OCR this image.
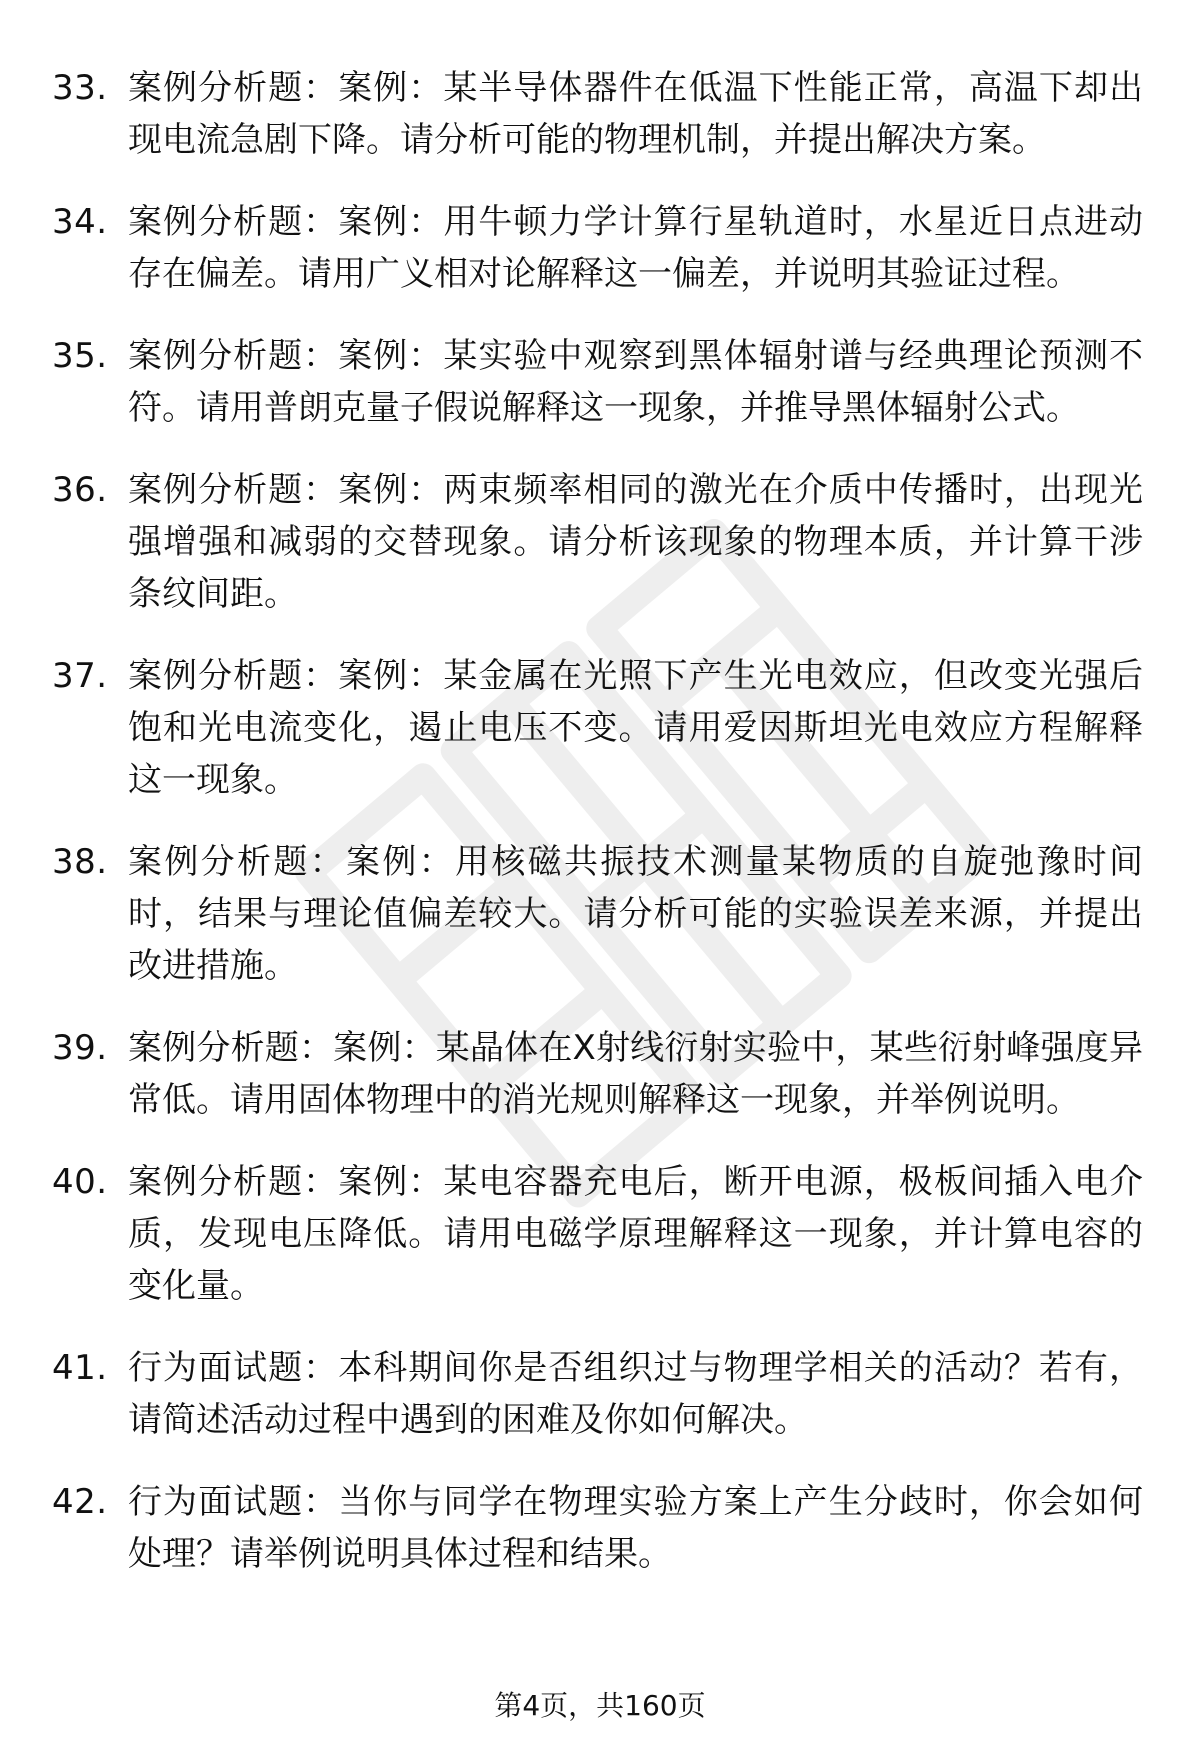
33. 案例分析题：案例：某半导体器件在低温下性能正常，高温下却出现电流急剧下降。请分析可能的物理机制，并提出解决方案。
34. 案例分析题：案例：用牛顿力学计算行星轨道时，水星近日点进动存在偏差。请用广义相对论解释这一偏差，并说明其验证过程。
35. 案例分析题：案例：某实验中观察到黑体辐射谱与经典理论预测不符。请用普朗克量子假说解释这一现象，并推导黑体辐射公式。
36. 案例分析题：案例：两束频率相同的激光在介质中传播时，出现光强增强和减弱的交替现象。请分析该现象的物理本质，并计算干涉条纹间距。
37. 案例分析题：案例：某金属在光照下产生光电效应，但改变光强后饱和光电流变化，遏止电压不变。请用爱因斯坦光电效应方程解释这一现象。
38. 案例分析题：案例：用核磁共振技术测量某物质的自旋弛豫时间时，结果与理论值偏差较大。请分析可能的实验误差来源，并提出改进措施。
39. 案例分析题：案例：某晶体在X射线衍射实验中，某些衍射峰强度异常低。请用固体物理中的消光规则解释这一现象，并举例说明。
40. 案例分析题：案例：某电容器充电后，断开电源，极板间插入电介质，发现电压降低。请用电磁学原理解释这一现象，并计算电容的变化量。
41. 行为面试题：本科期间你是否组织过与物理学相关的活动？若有，请简述活动过程中遇到的困难及你如何解决。
42. 行为面试题：当你与同学在物理实验方案上产生分歧时，你会如何处理？请举例说明具体过程和结果。
第4页，共160页
